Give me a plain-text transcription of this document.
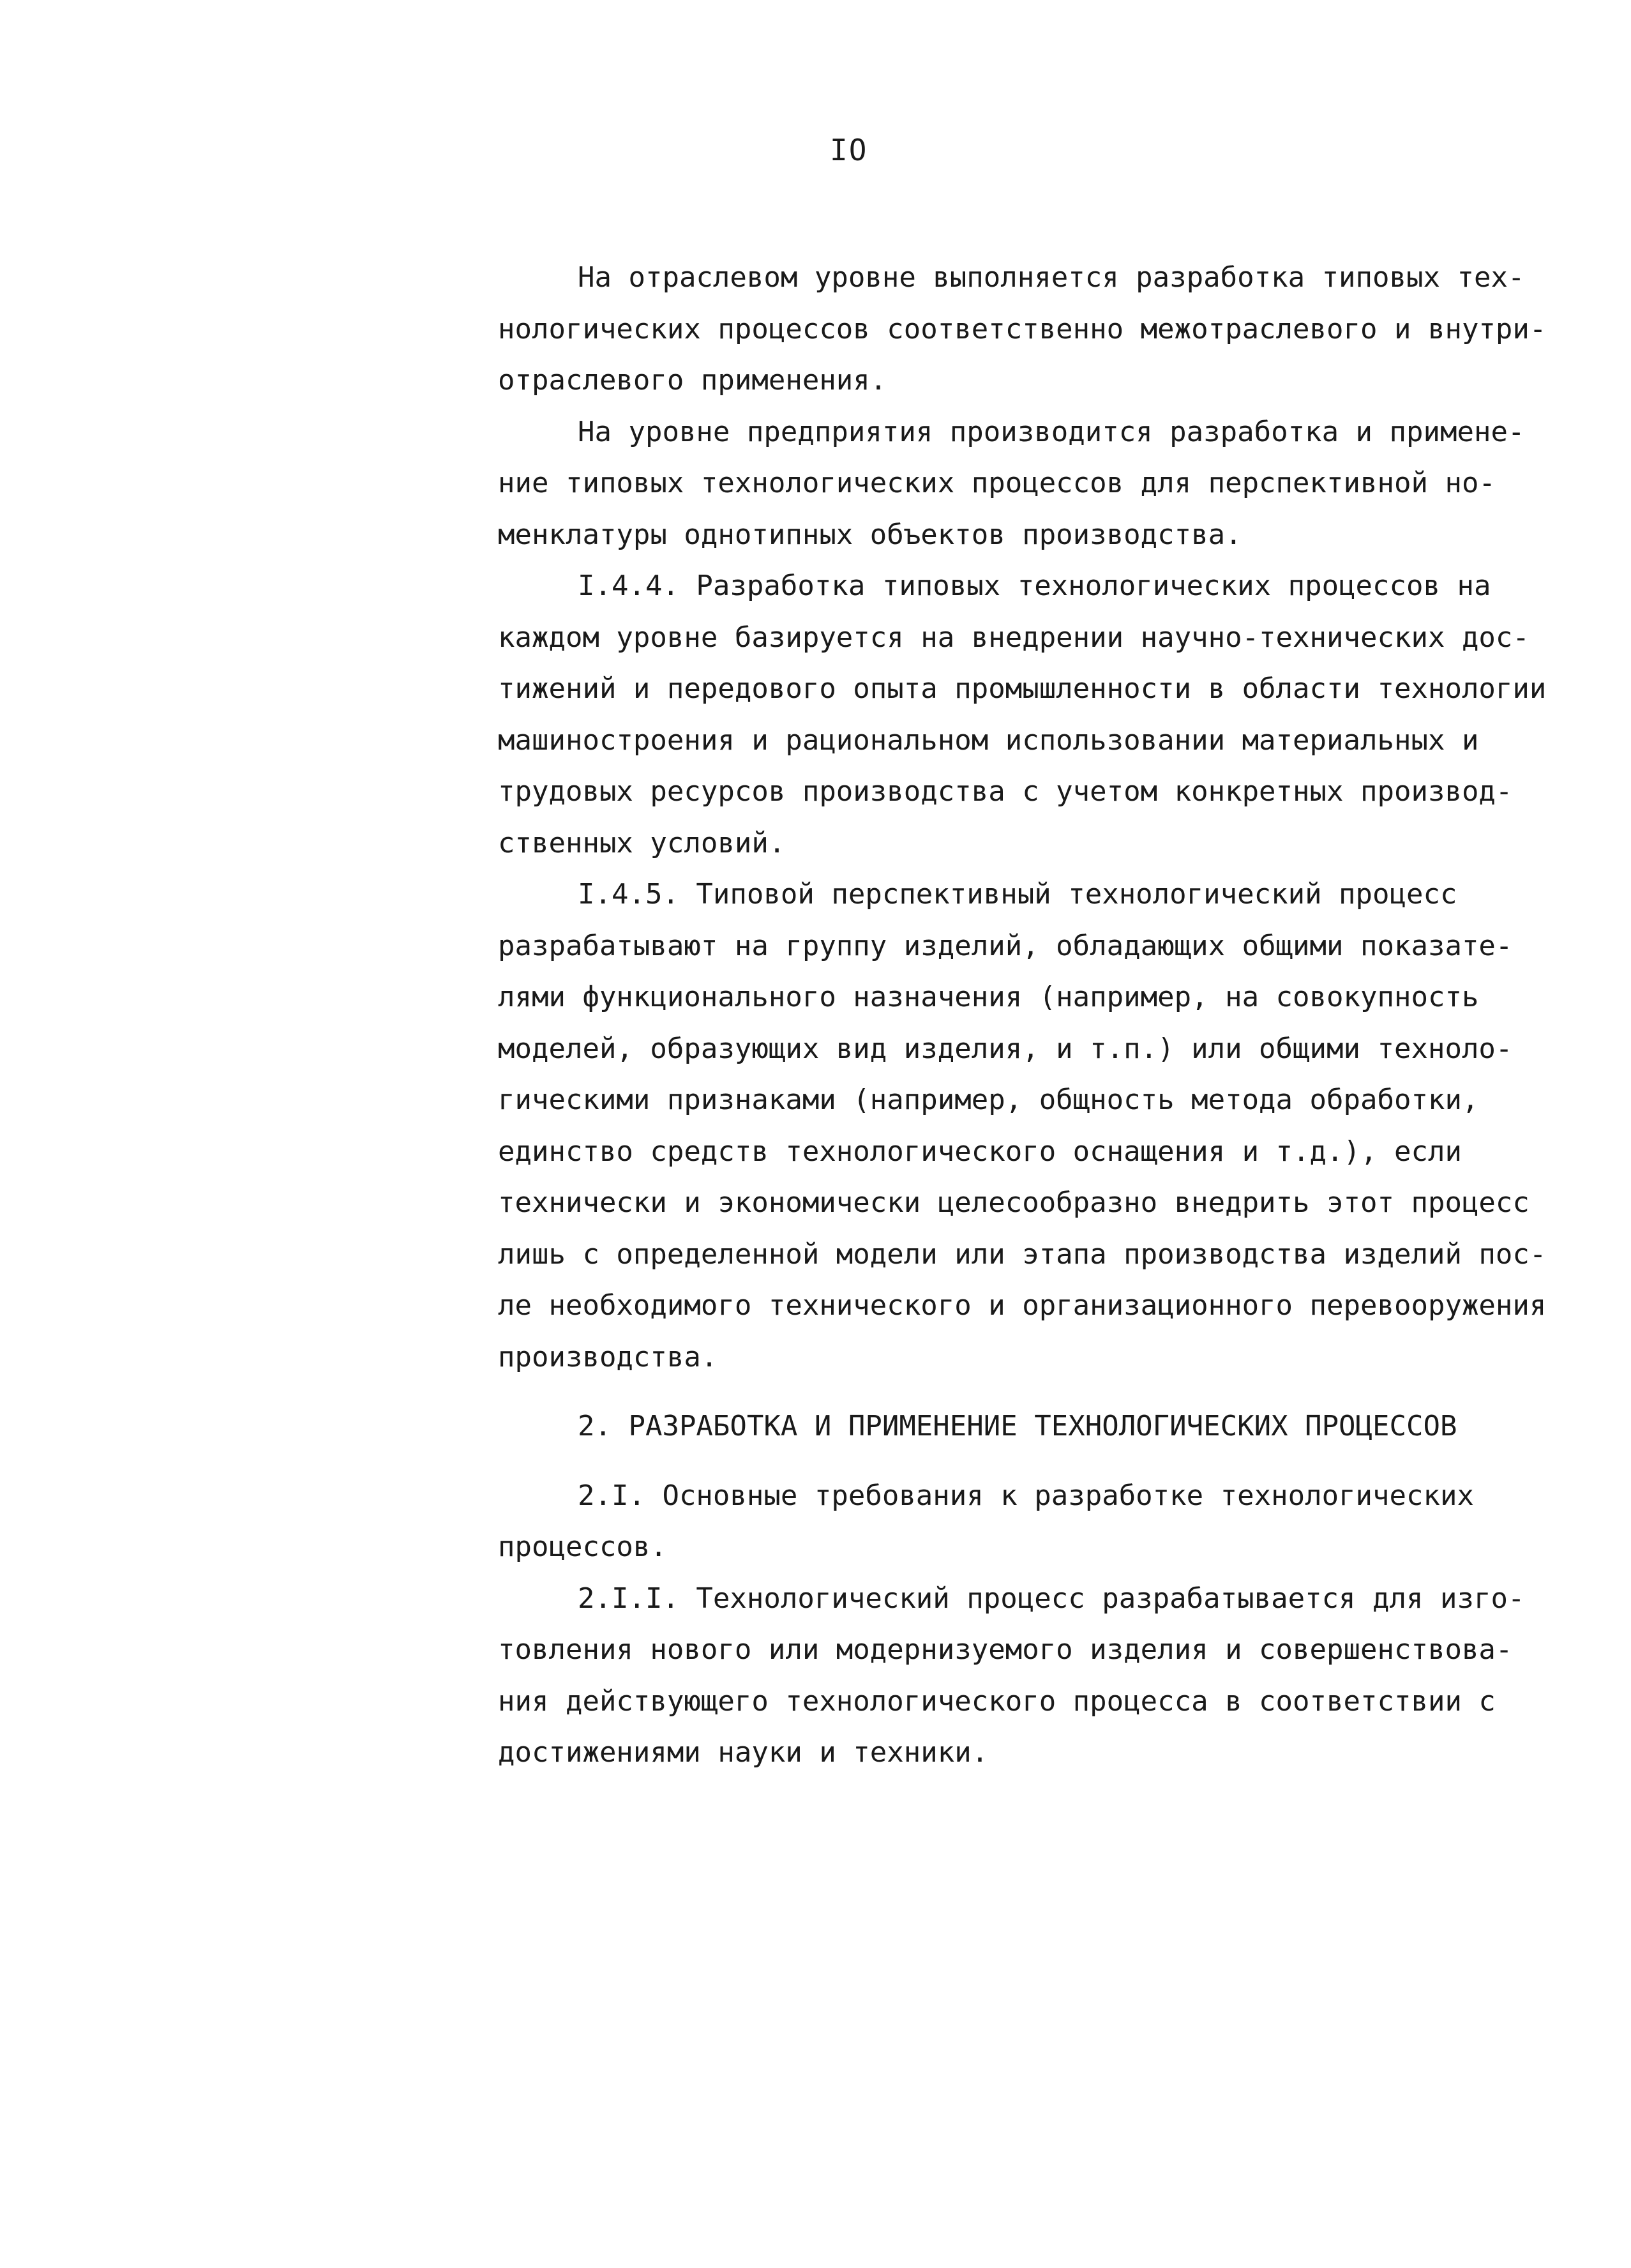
IO
На отраслевом уровне выполняется разработка типовых тех-
нологических процессов соответственно межотраслевого и внутри-
отраслевого применения.
На уровне предприятия производится разработка и примене-
ние типовых технологических процессов для перспективной но-
менклатуры однотипных объектов производства.
I.4.4. Разработка типовых технологических процессов на
каждом уровне базируется на внедрении научно-технических дос-
тижений и передового опыта промышленности в области технологии
машиностроения и рациональном использовании материальных и
трудовых ресурсов производства с учетом конкретных производ-
ственных условий.
I.4.5. Типовой перспективный технологический процесс
разрабатывают на группу изделий, обладающих общими показате-
лями функционального назначения (например, на совокупность
моделей, образующих вид изделия, и т.п.) или общими техноло-
гическими признаками (например, общность метода обработки,
единство средств технологического оснащения и т.д.), если
технически и экономически целесообразно внедрить этот процесс
лишь с определенной модели или этапа производства изделий пос-
ле необходимого технического и организационного перевооружения
производства.
2. РАЗРАБОТКА И ПРИМЕНЕНИЕ ТЕХНОЛОГИЧЕСКИХ ПРОЦЕССОВ
2.I. Основные требования к разработке технологических
процессов.
2.I.I. Технологический процесс разрабатывается для изго-
товления нового или модернизуемого изделия и совершенствова-
ния действующего технологического процесса в соответствии с
достижениями науки и техники.
